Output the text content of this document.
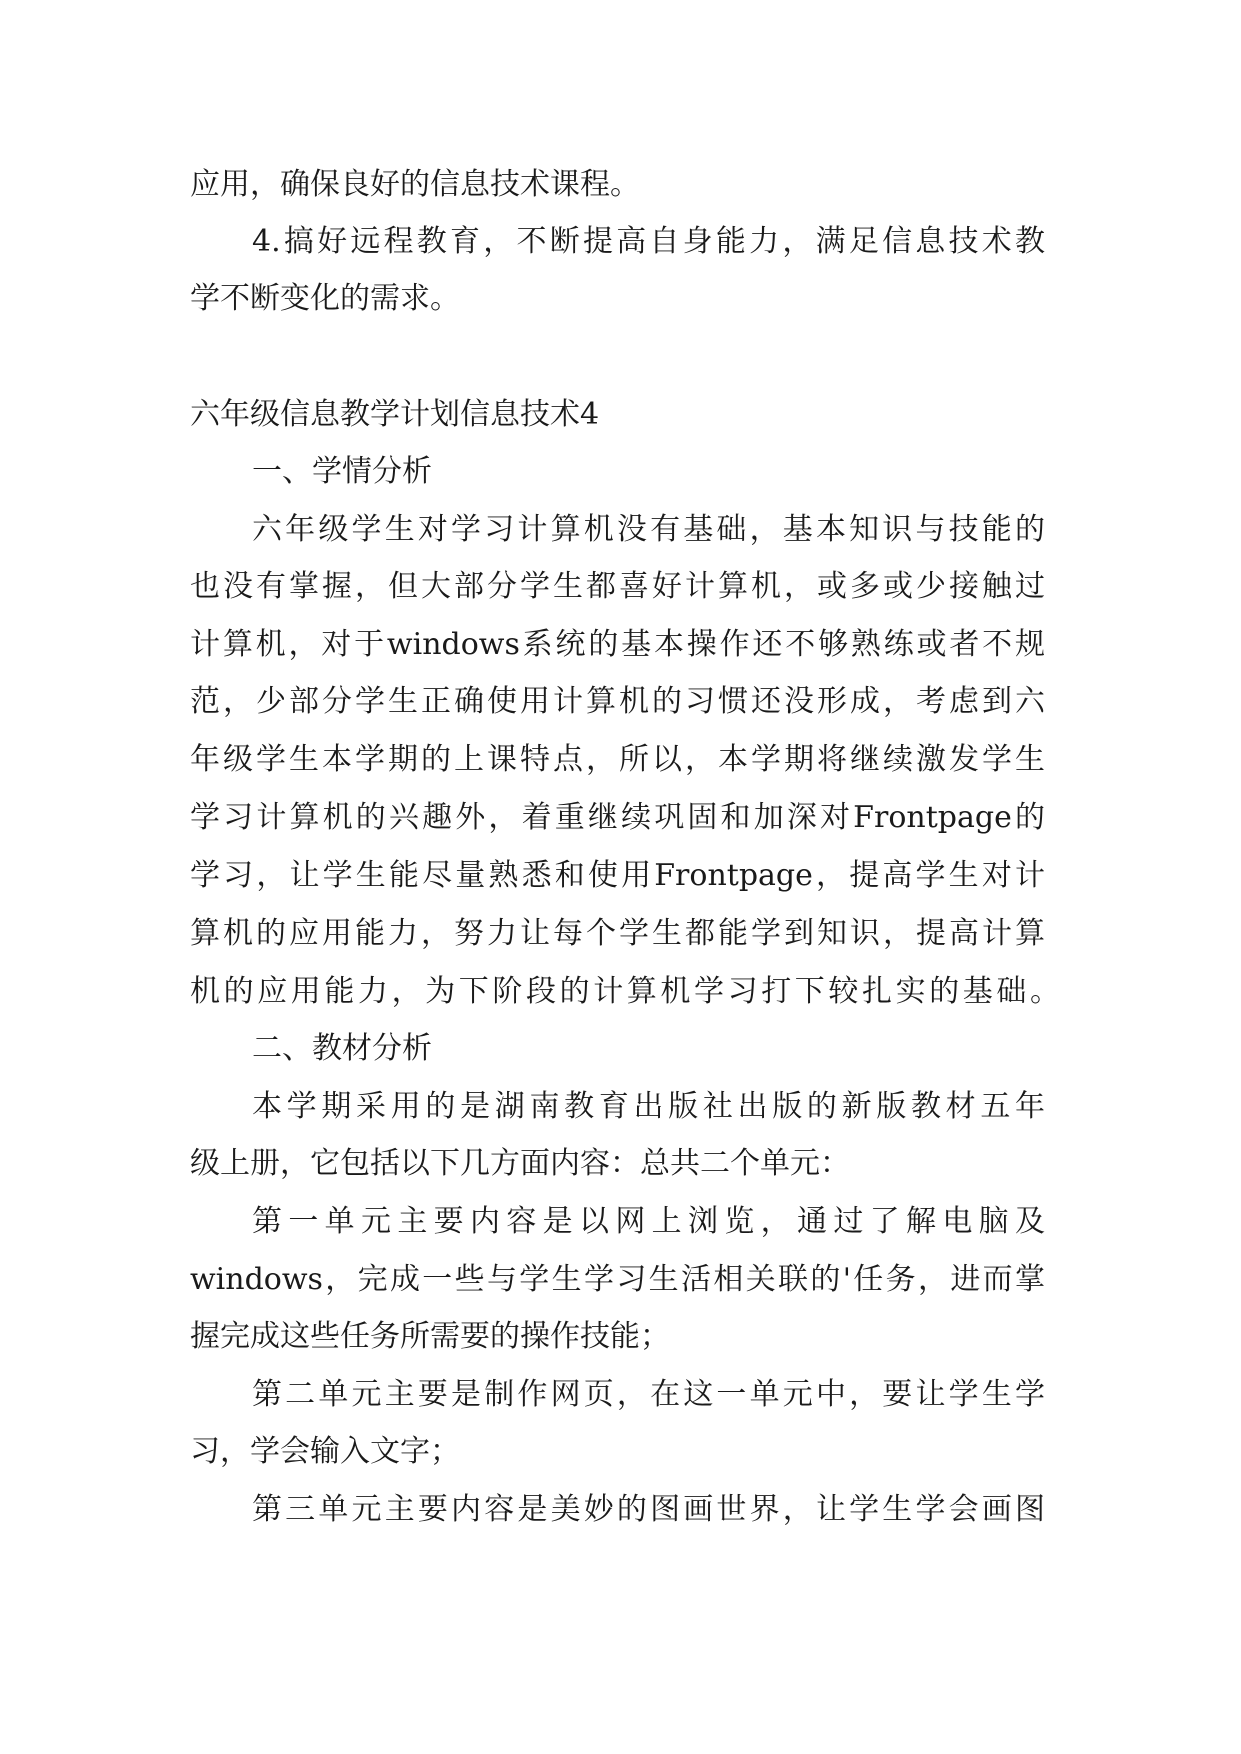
应用，确保良好的信息技术课程。
4.搞好远程教育，不断提高自身能力，满足信息技术教
学不断变化的需求。
六年级信息教学计划信息技术4
一、学情分析
六年级学生对学习计算机没有基础，基本知识与技能的
也没有掌握，但大部分学生都喜好计算机，或多或少接触过
计算机，对于windows系统的基本操作还不够熟练或者不规
范，少部分学生正确使用计算机的习惯还没形成，考虑到六
年级学生本学期的上课特点，所以，本学期将继续激发学生
学习计算机的兴趣外，着重继续巩固和加深对Frontpage的
学习，让学生能尽量熟悉和使用Frontpage，提高学生对计
算机的应用能力，努力让每个学生都能学到知识，提高计算
机的应用能力，为下阶段的计算机学习打下较扎实的基础。
二、教材分析
本学期采用的是湖南教育出版社出版的新版教材五年
级上册，它包括以下几方面内容：总共二个单元：
第一单元主要内容是以网上浏览，通过了解电脑及
windows，完成一些与学生学习生活相关联的'任务，进而掌
握完成这些任务所需要的操作技能；
第二单元主要是制作网页，在这一单元中，要让学生学
习，学会输入文字；
第三单元主要内容是美妙的图画世界，让学生学会画图
